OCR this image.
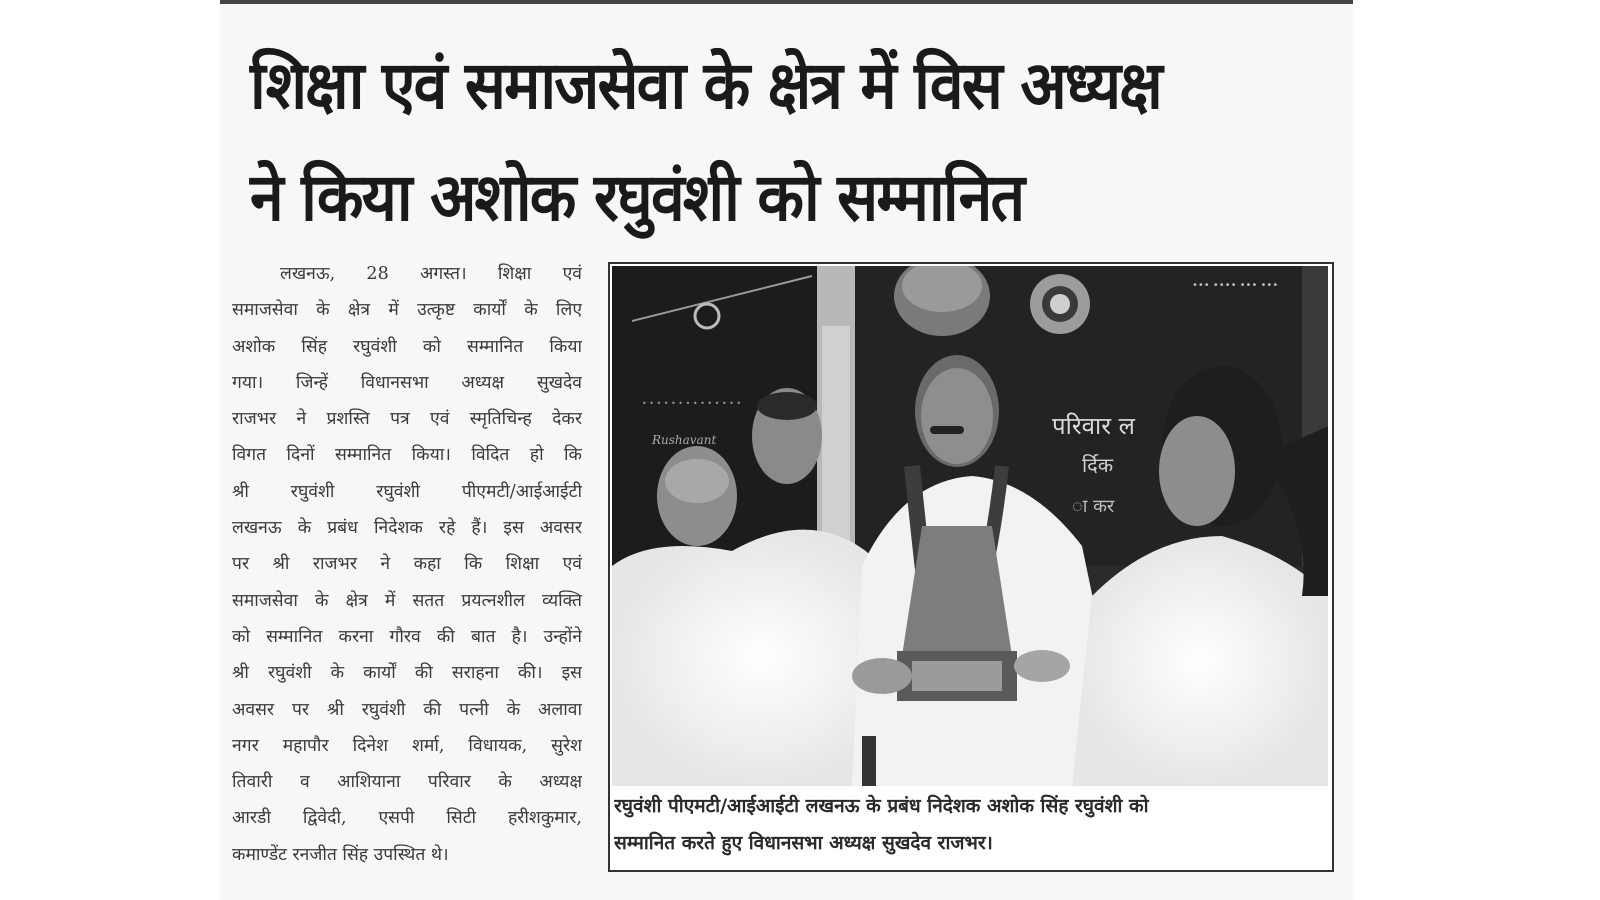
शिक्षा एवं समाजसेवा के क्षेत्र में विस अध्यक्ष
ने किया अशोक रघुवंशी को सम्मानित
लखनऊ, 28 अगस्त। शिक्षा एवं
समाजसेवा के क्षेत्र में उत्कृष्ट कार्यों के लिए
अशोक सिंह रघुवंशी को सम्मानित किया
गया। जिन्हें विधानसभा अध्यक्ष सुखदेव
राजभर ने प्रशस्ति पत्र एवं स्मृतिचिन्ह देकर
विगत दिनों सम्मानित किया। विदित हो कि
श्री रघुवंशी रघुवंशी पीएमटी/आईआईटी
लखनऊ के प्रबंध निदेशक रहे हैं। इस अवसर
पर श्री राजभर ने कहा कि शिक्षा एवं
समाजसेवा के क्षेत्र में सतत प्रयत्नशील व्यक्ति
को सम्मानित करना गौरव की बात है। उन्होंने
श्री रघुवंशी के कार्यों की सराहना की। इस
अवसर पर श्री रघुवंशी की पत्नी के अलावा
नगर महापौर दिनेश शर्मा, विधायक, सुरेश
तिवारी व आशियाना परिवार के अध्यक्ष
आरडी द्विवेदी, एसपी सिटी हरीशकुमार,
कमाण्डेंट रनजीत सिंह उपस्थित थे।
• • • • • • • • • • • • • •
Rushavant
••• •••• ••• •••
परिवार ल
र्दिक
ा कर
रघुवंशी पीएमटी/आईआईटी लखनऊ के प्रबंध निदेशक अशोक सिंह रघुवंशी को
सम्मानित करते हुए विधानसभा अध्यक्ष सुखदेव राजभर।
